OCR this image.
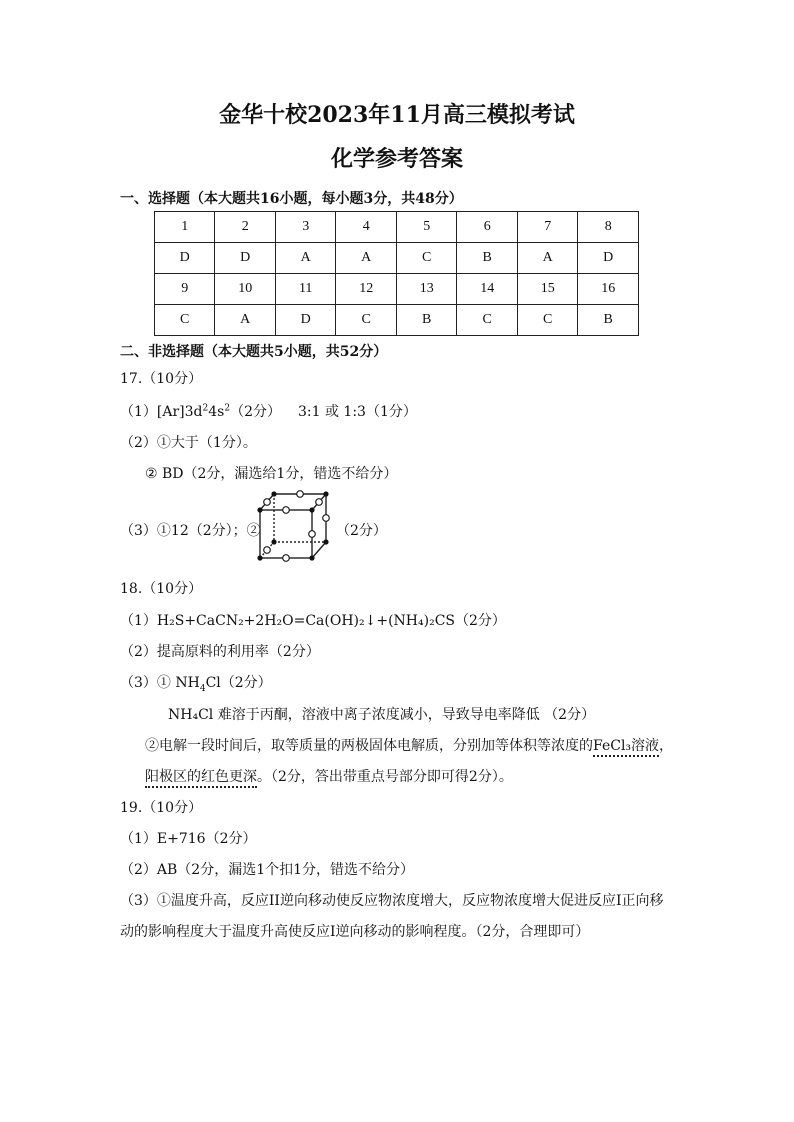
金华十校2023年11月高三模拟考试
化学参考答案
一、选择题（本大题共16小题，每小题3分，共48分）
1	2	3	4	5	6	7	8
D	D	A	A	C	B	A	D
9	10	11	12	13	14	15	16
C	A	D	C	B	C	C	B
二、非选择题（本大题共5小题，共52分）
17.（10分）
$(1)[Ar]3d^24s^2(2$分） 3:1 或 1:3（1分）
（2）①大于（1分）。
② BD（2分，漏选给1分，错选不给分）
（3）①12（2分）；②	（2分）
18.（10分）
（1）H₂S+CaCN₂+2H₂O=Ca(OH)₂↓+(NH₄)₂CS（2分）
（2）提高原料的利用率（2分）
（3）① $NH_4Cl(2$分）
NH₄Cl 难溶于丙酮，溶液中离子浓度减小，导致导电率降低 （2分）
②电解一段时间后，取等质量的两极固体电解质，分别加等体积等浓度的FeCl₃溶液，
阳极区的红色更深。（2分，答出带重点号部分即可得2分）。
19.（10分）
（1）E+716（2分）
（2）AB（2分，漏选1个扣1分，错选不给分）
（3）①温度升高，反应II逆向移动使反应物浓度增大，反应物浓度增大促进反应I正向移
动的影响程度大于温度升高使反应I逆向移动的影响程度。（2分，合理即可）
